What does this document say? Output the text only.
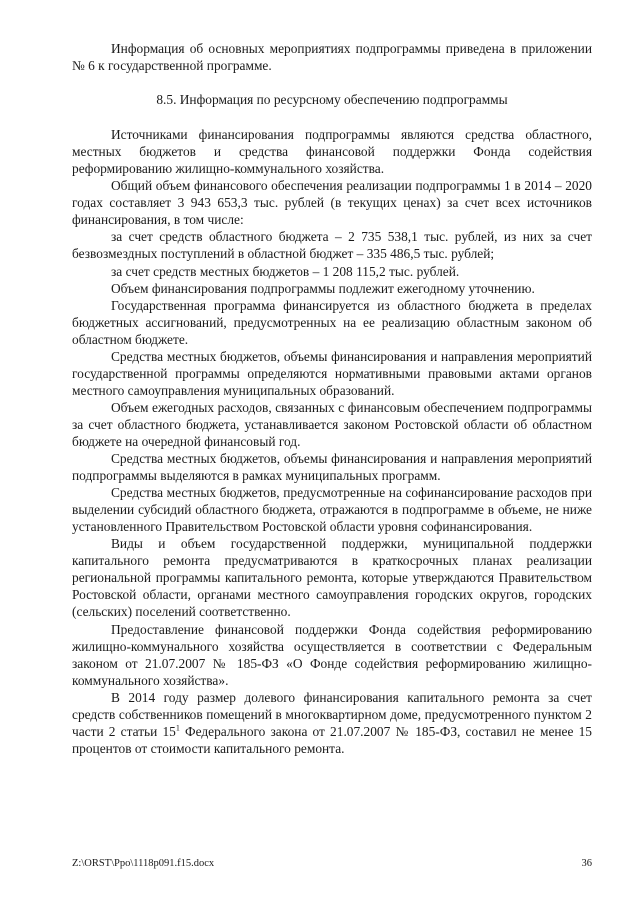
Информация об основных мероприятиях подпрограммы приведена в приложении № 6 к государственной программе.

8.5. Информация по ресурсному обеспечению подпрограммы

Источниками финансирования подпрограммы являются средства областного, местных бюджетов и средства финансовой поддержки Фонда содействия реформированию жилищно-коммунального хозяйства.

Общий объем финансового обеспечения реализации подпрограммы 1 в 2014 – 2020 годах составляет 3 943 653,3 тыс. рублей (в текущих ценах) за счет всех источников финансирования, в том числе:

за счет средств областного бюджета – 2 735 538,1 тыс. рублей, из них за счет безвозмездных поступлений в областной бюджет – 335 486,5 тыс. рублей;

за счет средств местных бюджетов – 1 208 115,2 тыс. рублей.

Объем финансирования подпрограммы подлежит ежегодному уточнению.

Государственная программа финансируется из областного бюджета в пределах бюджетных ассигнований, предусмотренных на ее реализацию областным законом об областном бюджете.

Средства местных бюджетов, объемы финансирования и направления мероприятий государственной программы определяются нормативными правовыми актами органов местного самоуправления муниципальных образований.

Объем ежегодных расходов, связанных с финансовым обеспечением подпрограммы за счет областного бюджета, устанавливается законом Ростовской области об областном бюджете на очередной финансовый год.

Средства местных бюджетов, объемы финансирования и направления мероприятий подпрограммы выделяются в рамках муниципальных программ.

Средства местных бюджетов, предусмотренные на софинансирование расходов при выделении субсидий областного бюджета, отражаются в подпрограмме в объеме, не ниже установленного Правительством Ростовской области уровня софинансирования.

Виды и объем государственной поддержки, муниципальной поддержки капитального ремонта предусматриваются в краткосрочных планах реализации региональной программы капитального ремонта, которые утверждаются Правительством Ростовской области, органами местного самоуправления городских округов, городских (сельских) поселений соответственно.

Предоставление финансовой поддержки Фонда содействия реформированию жилищно-коммунального хозяйства осуществляется в соответствии с Федеральным законом от 21.07.2007 № 185-ФЗ «О Фонде содействия реформированию жилищно-коммунального хозяйства».

В 2014 году размер долевого финансирования капитального ремонта за счет средств собственников помещений в многоквартирном доме, предусмотренного пунктом 2 части 2 статьи $15^1$ Федерального закона от 21.07.2007 № 185-ФЗ, составил не менее 15 процентов от стоимости капитального ремонта.

Z:\ORST\Ppo\1118p091.f15.docx	36
